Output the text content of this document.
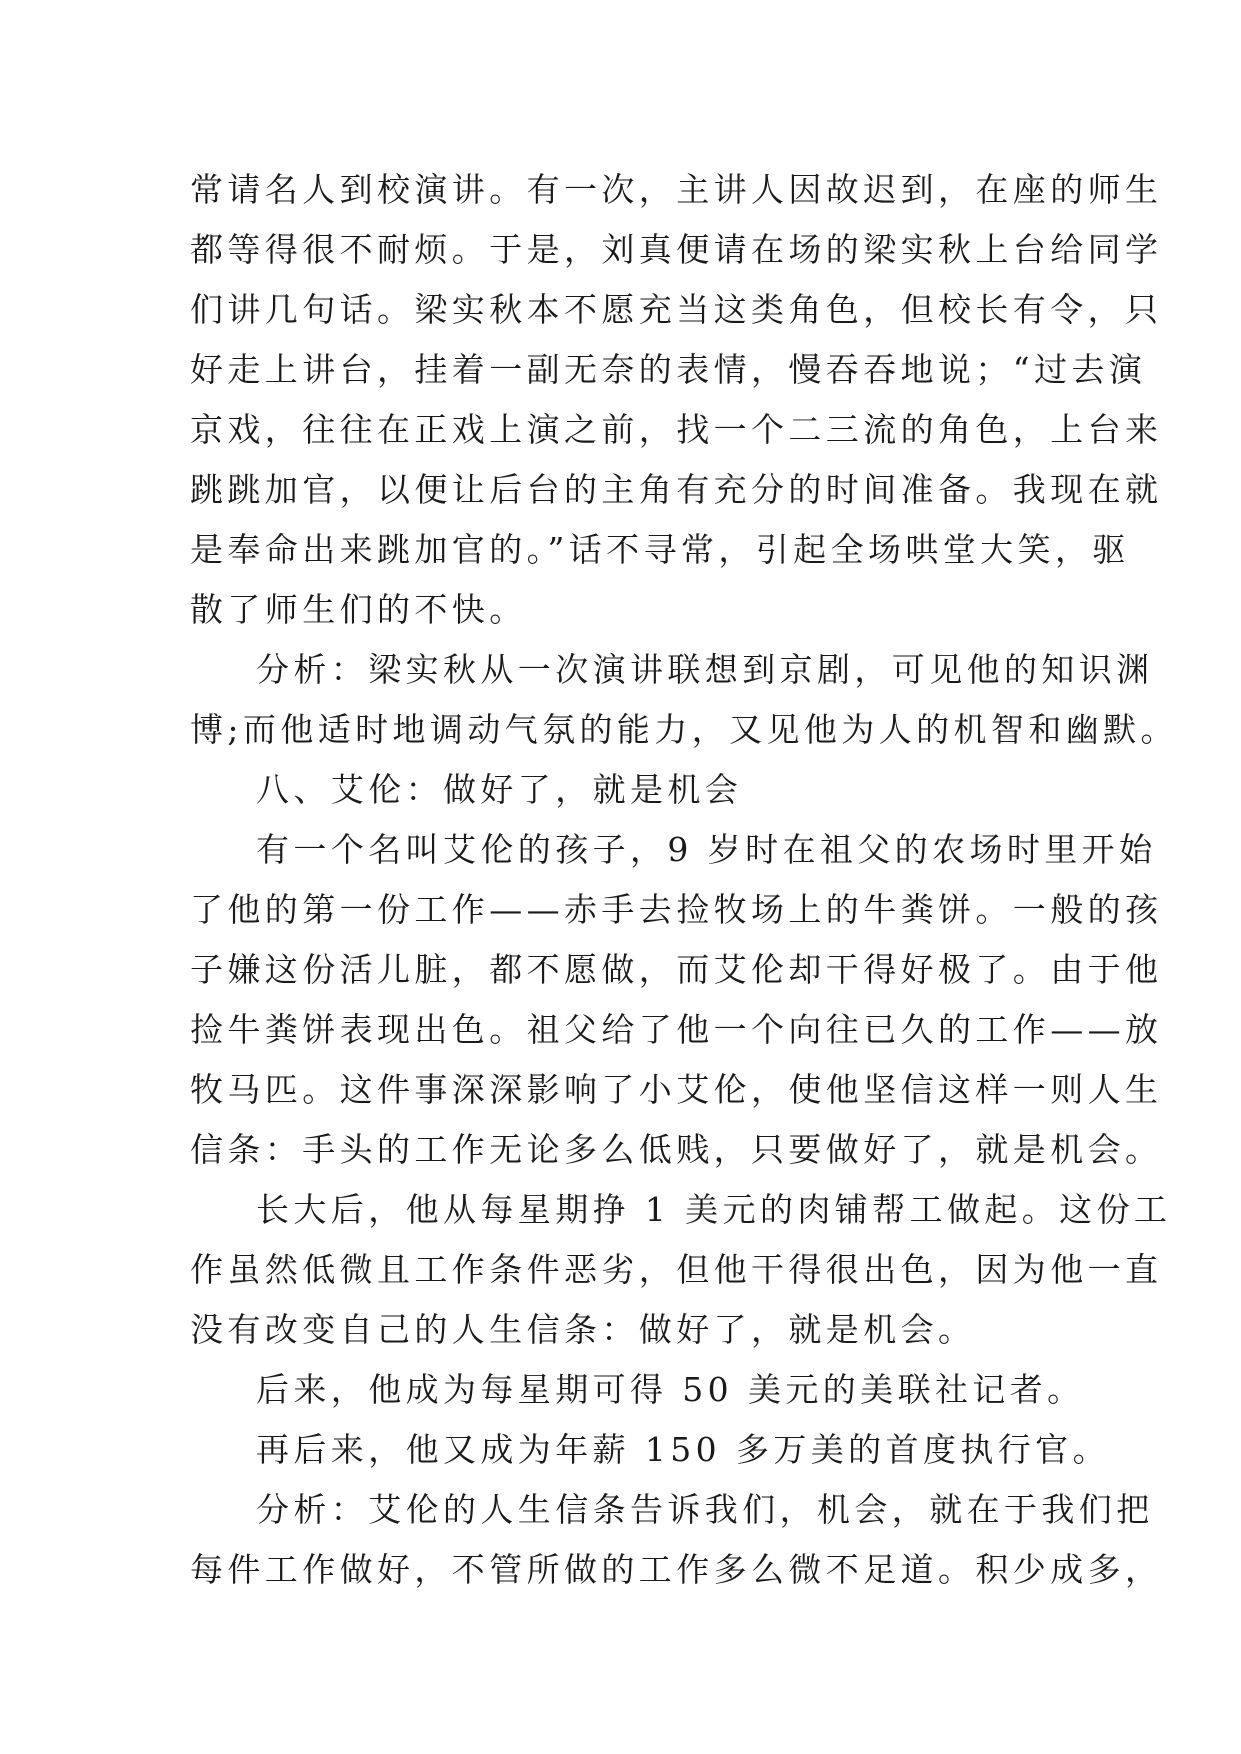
常请名人到校演讲。有一次，主讲人因故迟到，在座的师生
都等得很不耐烦。于是，刘真便请在场的梁实秋上台给同学
们讲几句话。梁实秋本不愿充当这类角色，但校长有令，只
好走上讲台，挂着一副无奈的表情，慢吞吞地说；“过去演
京戏，往往在正戏上演之前，找一个二三流的角色，上台来
跳跳加官，以便让后台的主角有充分的时间准备。我现在就
是奉命出来跳加官的。”话不寻常，引起全场哄堂大笑，驱
散了师生们的不快。
分析：梁实秋从一次演讲联想到京剧，可见他的知识渊
博;而他适时地调动气氛的能力，又见他为人的机智和幽默。
八、艾伦：做好了，就是机会
有一个名叫艾伦的孩子，9 岁时在祖父的农场时里开始
了他的第一份工作——赤手去捡牧场上的牛粪饼。一般的孩
子嫌这份活儿脏，都不愿做，而艾伦却干得好极了。由于他
捡牛粪饼表现出色。祖父给了他一个向往已久的工作——放
牧马匹。这件事深深影响了小艾伦，使他坚信这样一则人生
信条：手头的工作无论多么低贱，只要做好了，就是机会。
长大后，他从每星期挣 1 美元的肉铺帮工做起。这份工
作虽然低微且工作条件恶劣，但他干得很出色，因为他一直
没有改变自己的人生信条：做好了，就是机会。
后来，他成为每星期可得 50 美元的美联社记者。
再后来，他又成为年薪 150 多万美的首度执行官。
分析：艾伦的人生信条告诉我们，机会，就在于我们把
每件工作做好，不管所做的工作多么微不足道。积少成多，
